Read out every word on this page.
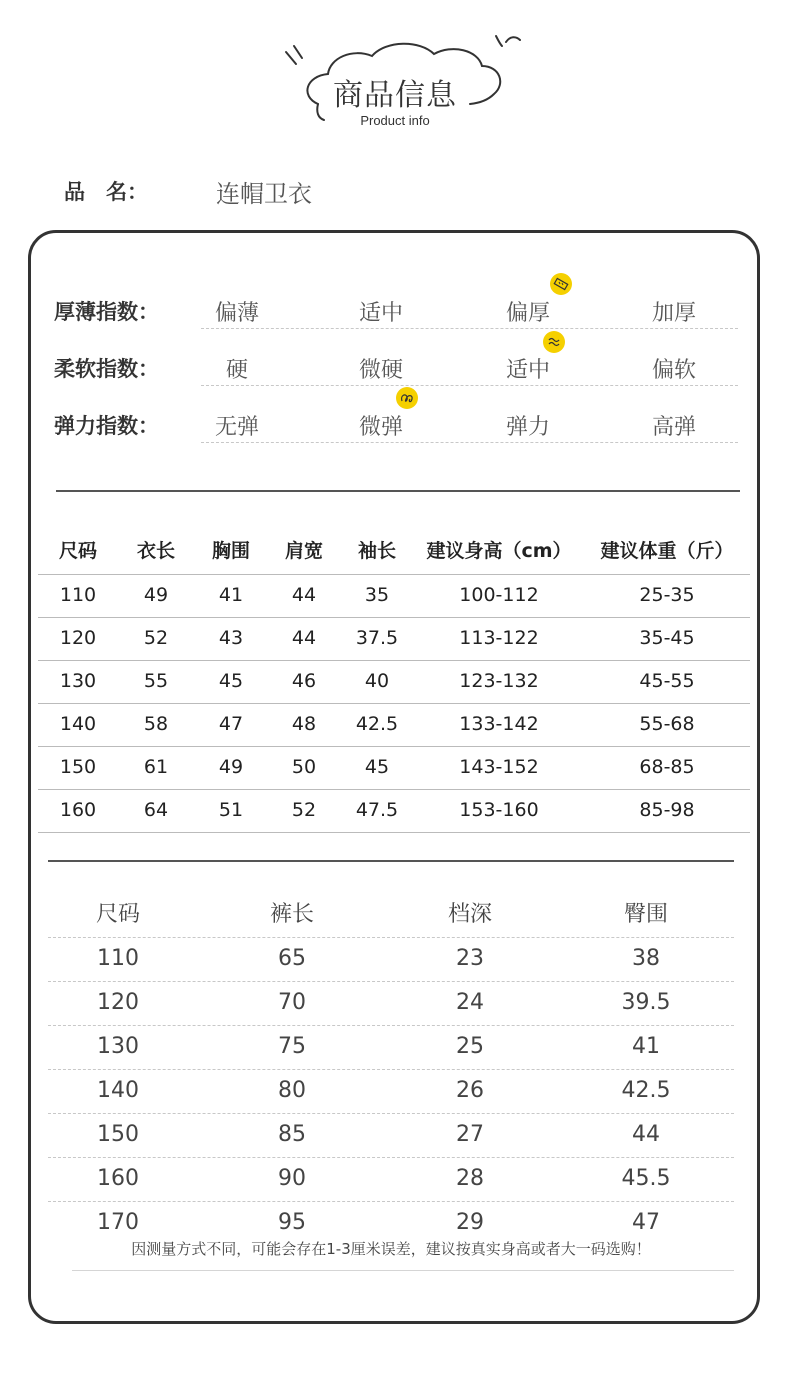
商品信息
Product info
品　名：	连帽卫衣
厚薄指数：	偏薄	适中	偏厚	加厚
柔软指数：	硬	微硬	适中	偏软
弹力指数：	无弹	微弹	弹力	高弹
尺码	衣长	胸围	肩宽	袖长	建议身高（cm）	建议体重（斤）
110	49	41	44	35	100-112	25-35
120	52	43	44	37.5	113-122	35-45
130	55	45	46	40	123-132	45-55
140	58	47	48	42.5	133-142	55-68
150	61	49	50	45	143-152	68-85
160	64	51	52	47.5	153-160	85-98
尺码	裤长	档深	臀围
110	65	23	38
120	70	24	39.5
130	75	25	41
140	80	26	42.5
150	85	27	44
160	90	28	45.5
170	95	29	47
因测量方式不同，可能会存在1-3厘米误差，建议按真实身高或者大一码选购！
